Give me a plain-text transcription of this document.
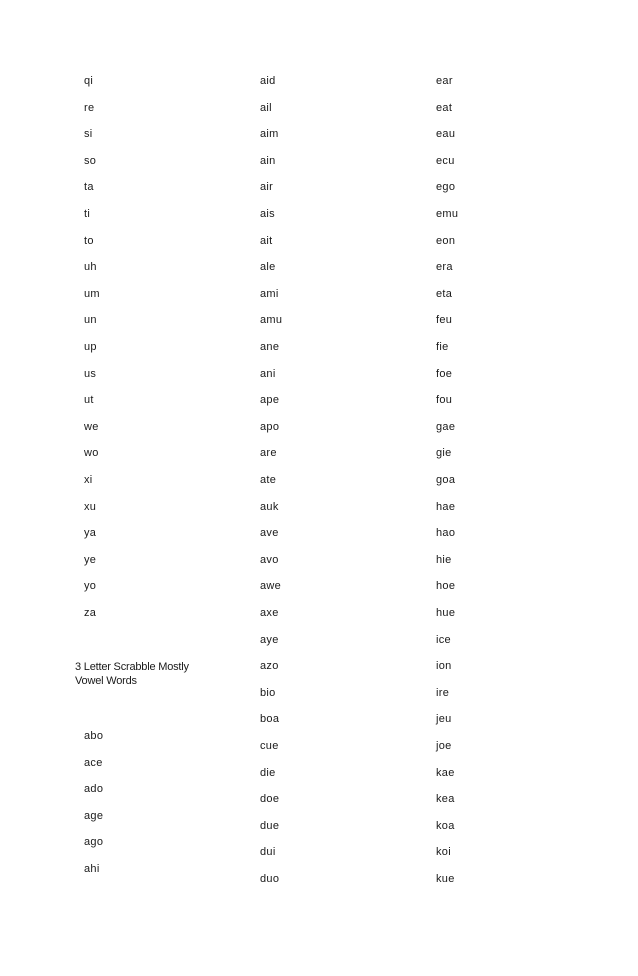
qi
re
si
so
ta
ti
to
uh
um
un
up
us
ut
we
wo
xi
xu
ya
ye
yo
za
3 Letter Scrabble Mostly
Vowel Words
abo
ace
ado
age
ago
ahi
aid
ail
aim
ain
air
ais
ait
ale
ami
amu
ane
ani
ape
apo
are
ate
auk
ave
avo
awe
axe
aye
azo
bio
boa
cue
die
doe
due
dui
duo
ear
eat
eau
ecu
ego
emu
eon
era
eta
feu
fie
foe
fou
gae
gie
goa
hae
hao
hie
hoe
hue
ice
ion
ire
jeu
joe
kae
kea
koa
koi
kue
